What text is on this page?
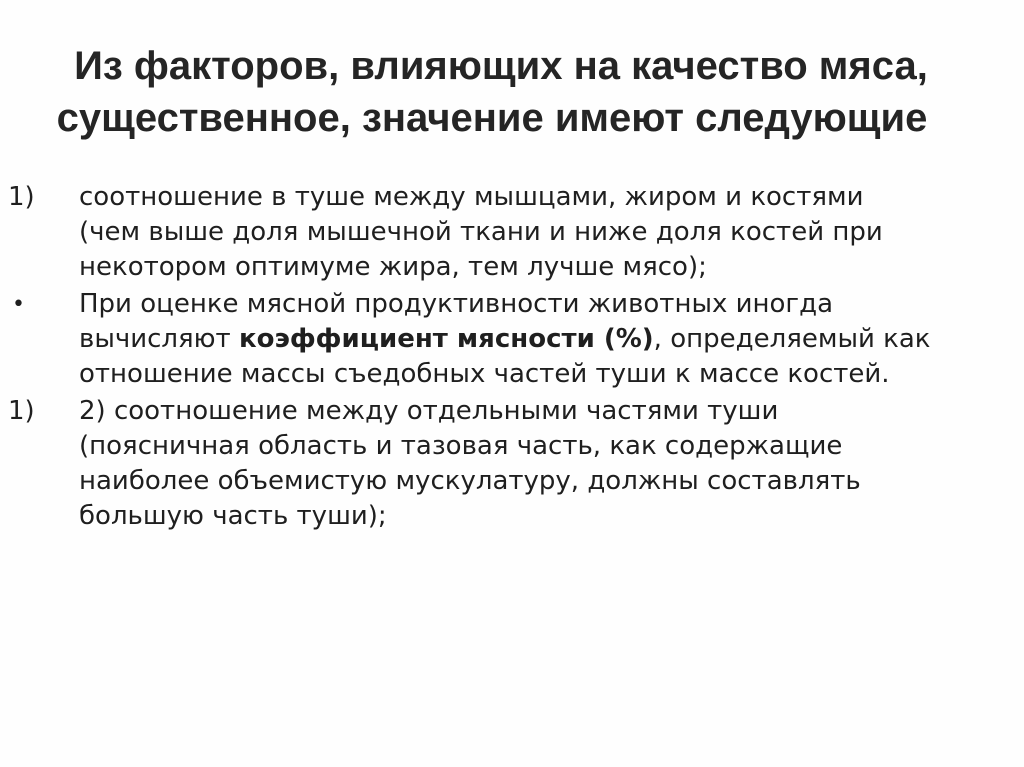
Из факторов, влияющих на качество мяса,
существенное, значение имеют следующие
1)	соотношение в туше между мышцами, жиром и костями
(чем выше доля мышечной ткани и ниже доля костей при
некотором оптимуме жира, тем лучше мясо);
•	При оценке мясной продуктивности животных иногда
вычисляют коэффициент мясности (%), определяемый как
отношение массы съедобных частей туши к массе костей.
1)	2) соотношение между отдельными частями туши
(поясничная область и тазовая часть, как содержащие
наиболее объемистую мускулатуру, должны составлять
большую часть туши);
